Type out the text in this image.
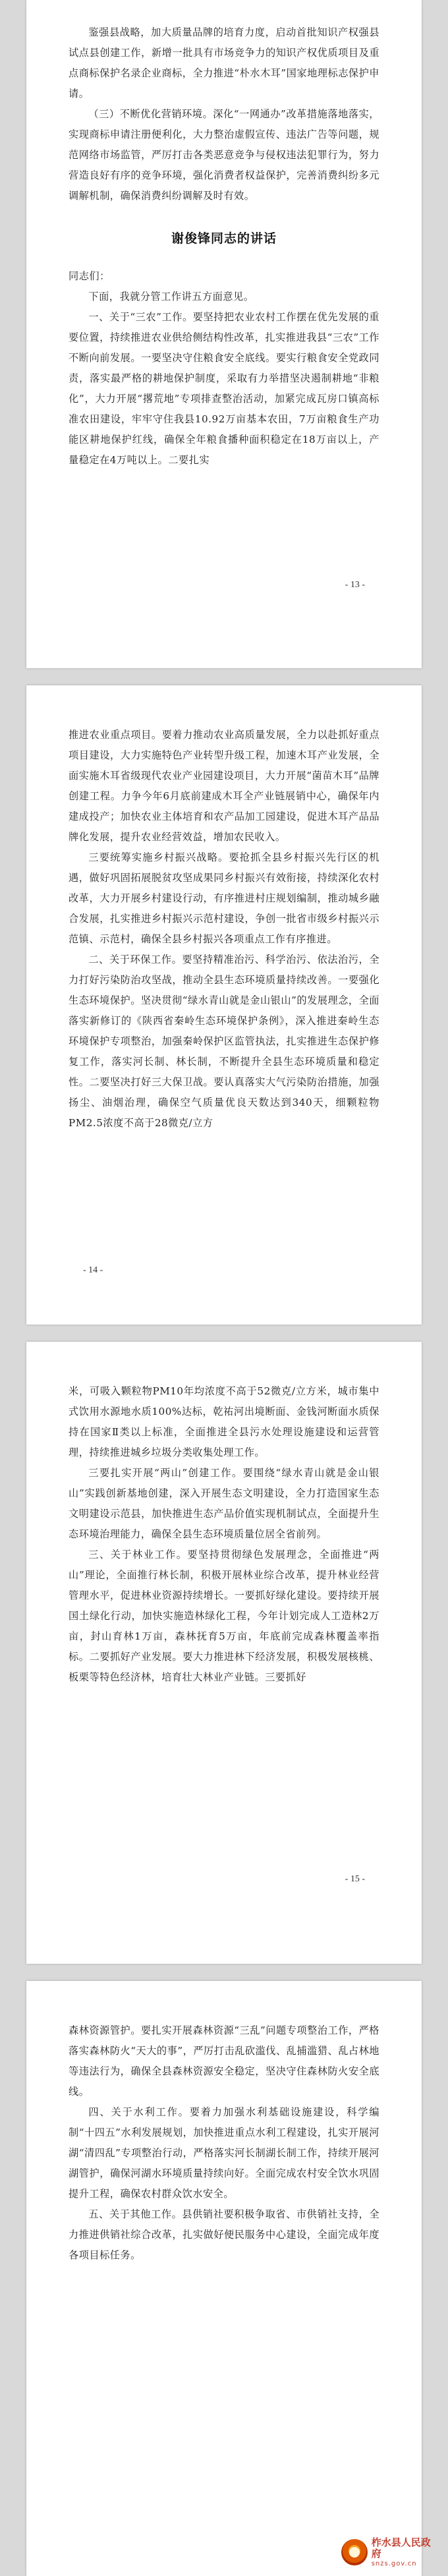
鉴强县战略，加大质量品牌的培育力度，启动首批知识产权强县试点县创建工作，新增一批具有市场竞争力的知识产权优质项目及重点商标保护名录企业商标，全力推进“朴水木耳”国家地理标志保护申请。

（三）不断优化营销环境。深化“一网通办”改革措施落地落实，实现商标申请注册便利化，大力整治虚假宣传、违法广告等问题，规范网络市场监管，严厉打击各类恶意竞争与侵权违法犯罪行为，努力营造良好有序的竞争环境，强化消费者权益保护，完善消费纠纷多元调解机制，确保消费纠纷调解及时有效。

谢俊锋同志的讲话

同志们：

下面，我就分管工作讲五方面意见。

一、关于“三农”工作。要坚持把农业农村工作摆在优先发展的重要位置，持续推进农业供给侧结构性改革，扎实推进我县“三农”工作不断向前发展。一要坚决守住粮食安全底线。要实行粮食安全党政同责，落实最严格的耕地保护制度，采取有力举措坚决遏制耕地“非粮化”，大力开展“撂荒地”专项排查整治活动，加紧完成瓦房口镇高标准农田建设，牢牢守住我县10.92万亩基本农田，7万亩粮食生产功能区耕地保护红线，确保全年粮食播种面积稳定在18万亩以上，产量稳定在4万吨以上。二要扎实

- 13 -

推进农业重点项目。要着力推动农业高质量发展，全力以赴抓好重点项目建设，大力实施特色产业转型升级工程，加速木耳产业发展，全面实施木耳省级现代农业产业园建设项目，大力开展“菌苗木耳”品牌创建工程。力争今年6月底前建成木耳全产业链展销中心，确保年内建成投产；加快农业主体培育和农产品加工园建设，促进木耳产品品牌化发展，提升农业经营效益，增加农民收入。

三要统筹实施乡村振兴战略。要抢抓全县乡村振兴先行区的机遇，做好巩固拓展脱贫攻坚成果同乡村振兴有效衔接，持续深化农村改革，大力开展乡村建设行动，有序推进村庄规划编制，推动城乡融合发展，扎实推进乡村振兴示范村建设，争创一批省市级乡村振兴示范镇、示范村，确保全县乡村振兴各项重点工作有序推进。

二、关于环保工作。要坚持精准治污、科学治污、依法治污，全力打好污染防治攻坚战，推动全县生态环境质量持续改善。一要强化生态环境保护。坚决贯彻“绿水青山就是金山银山”的发展理念，全面落实新修订的《陕西省秦岭生态环境保护条例》，深入推进秦岭生态环境保护专项整治，加强秦岭保护区监管执法，扎实推进生态保护修复工作，落实河长制、林长制，不断提升全县生态环境质量和稳定性。二要坚决打好三大保卫战。要认真落实大气污染防治措施，加强扬尘、油烟治理，确保空气质量优良天数达到340天，细颗粒物PM2.5浓度不高于28微克/立方

- 14 -

米，可吸入颗粒物PM10年均浓度不高于52微克/立方米，城市集中式饮用水源地水质100%达标，乾祐河出境断面、金钱河断面水质保持在国家Ⅱ类以上标准，全面推进全县污水处理设施建设和运营管理，持续推进城乡垃圾分类收集处理工作。

三要扎实开展“两山”创建工作。要围绕“绿水青山就是金山银山”实践创新基地创建，深入开展生态文明建设，全力打造国家生态文明建设示范县，加快推进生态产品价值实现机制试点，全面提升生态环境治理能力，确保全县生态环境质量位居全省前列。

三、关于林业工作。要坚持贯彻绿色发展理念，全面推进“两山”理论，全面推行林长制，积极开展林业综合改革，提升林业经营管理水平，促进林业资源持续增长。一要抓好绿化建设。要持续开展国土绿化行动，加快实施造林绿化工程，今年计划完成人工造林2万亩，封山育林1万亩，森林抚育5万亩，年底前完成森林覆盖率指标。二要抓好产业发展。要大力推进林下经济发展，积极发展核桃、板栗等特色经济林，培育壮大林业产业链。三要抓好

- 15 -

森林资源管护。要扎实开展森林资源“三乱”问题专项整治工作，严格落实森林防火“天大的事”，严厉打击乱砍滥伐、乱捕滥猎、乱占林地等违法行为，确保全县森林资源安全稳定，坚决守住森林防火安全底线。

四、关于水利工作。要着力加强水利基础设施建设，科学编制“十四五”水利发展规划，加快推进重点水利工程建设，扎实开展河湖“清四乱”专项整治行动，严格落实河长制湖长制工作，持续开展河湖管护，确保河湖水环境质量持续向好。全面完成农村安全饮水巩固提升工程，确保农村群众饮水安全。

五、关于其他工作。县供销社要积极争取省、市供销社支持，全力推进供销社综合改革，扎实做好便民服务中心建设，全面完成年度各项目标任务。

柞水县人民政府
snzs.gov.cn
